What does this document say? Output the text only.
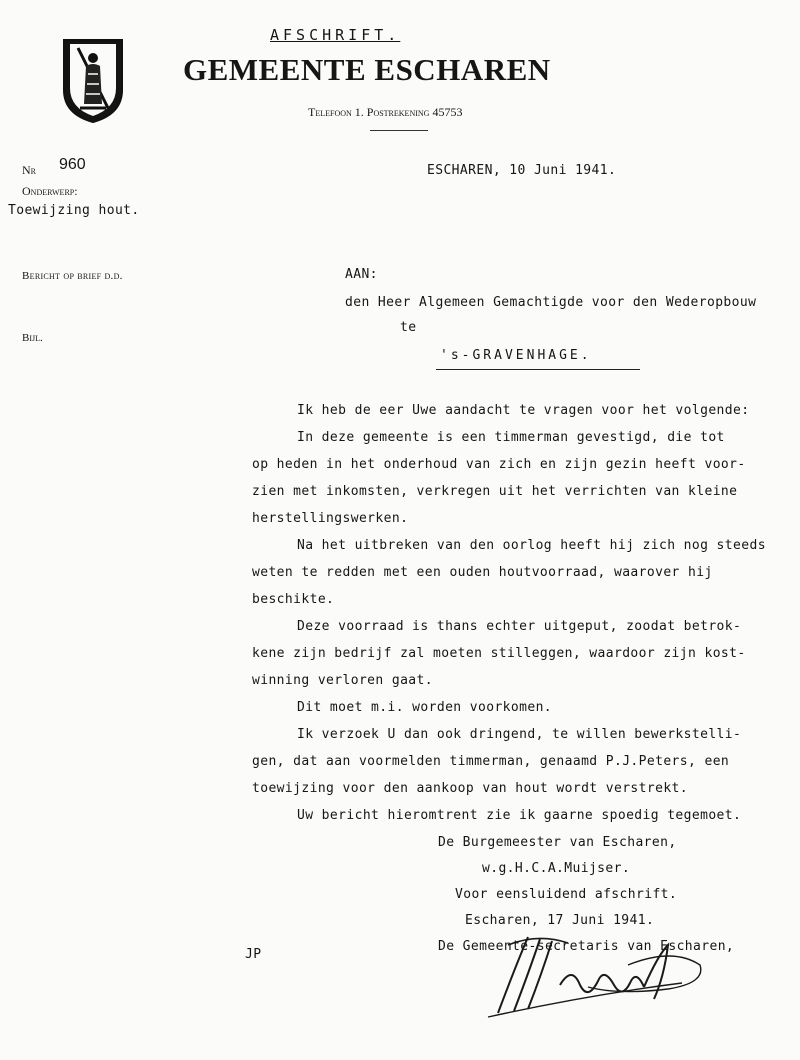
AFSCHRIFT.
GEMEENTE ESCHAREN
Telefoon 1. Postrekening 45753
Nr 960
Onderwerp:
Toewijzing hout.
Bericht op brief d.d.
Bijl.
ESCHAREN, 10 Juni 1941.
AAN:
den Heer Algemeen Gemachtigde voor den Wederopbouw
te
's-GRAVENHAGE.
Ik heb de eer Uwe aandacht te vragen voor het volgende:
In deze gemeente is een timmerman gevestigd, die tot
op heden in het onderhoud van zich en zijn gezin heeft voor-
zien met inkomsten, verkregen uit het verrichten van kleine
herstellingswerken.
Na het uitbreken van den oorlog heeft hij zich nog steeds
weten te redden met een ouden houtvoorraad, waarover hij
beschikte.
Deze voorraad is thans echter uitgeput, zoodat betrok-
kene zijn bedrijf zal moeten stilleggen, waardoor zijn kost-
winning verloren gaat.
Dit moet m.i. worden voorkomen.
Ik verzoek U dan ook dringend, te willen bewerkstelli-
gen, dat aan voormelden timmerman, genaamd P.J.Peters, een
toewijzing voor den aankoop van hout wordt verstrekt.
Uw bericht hieromtrent zie ik gaarne spoedig tegemoet.
De Burgemeester van Escharen,
w.g.H.C.A.Muijser.
Voor eensluidend afschrift.
Escharen, 17 Juni 1941.
De Gemeente-secretaris van Escharen,
JP
